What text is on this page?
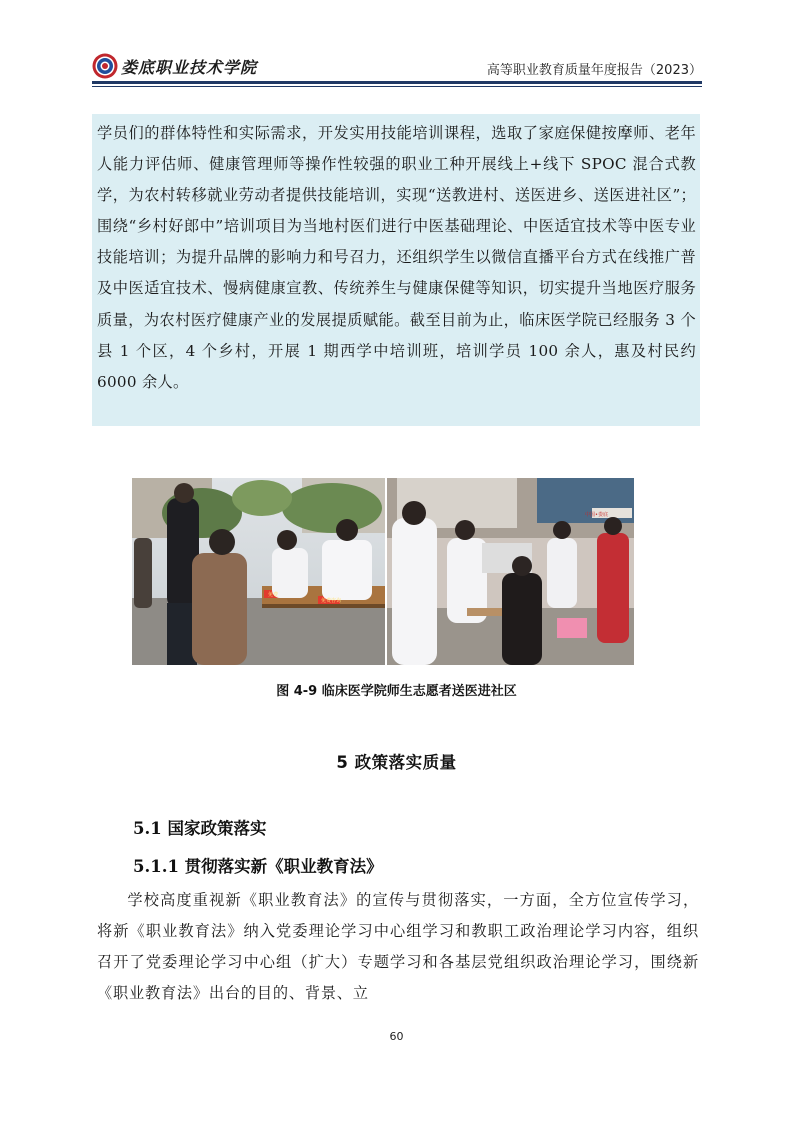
娄底职业技术学院	高等职业教育质量年度报告（2023）

学员们的群体特性和实际需求，开发实用技能培训课程，选取了家庭保健按摩师、老年人能力评估师、健康管理师等操作性较强的职业工种开展线上+线下 SPOC 混合式教学，为农村转移就业劳动者提供技能培训，实现“送教进村、送医进乡、送医进社区”；围绕“乡村好郎中”培训项目为当地村医们进行中医基础理论、中医适宜技术等中医专业技能培训；为提升品牌的影响力和号召力，还组织学生以微信直播平台方式在线推广普及中医适宜技术、慢病健康宣教、传统养生与健康保健等知识，切实提升当地医疗服务质量，为农村医疗健康产业的发展提质赋能。截至目前为止，临床医学院已经服务 3 个县 1 个区，4 个乡村，开展 1 期西学中培训班，培训学员 100 余人，惠及村民约 6000 余人。

免费
免费咨询
中国•娄底
图 4-9 临床医学院师生志愿者送医进社区
5 政策落实质量
5.1 国家政策落实
5.1.1 贯彻落实新《职业教育法》

学校高度重视新《职业教育法》的宣传与贯彻落实，一方面，全方位宣传学习，将新《职业教育法》纳入党委理论学习中心组学习和教职工政治理论学习内容，组织召开了党委理论学习中心组（扩大）专题学习和各基层党组织政治理论学习，围绕新《职业教育法》出台的目的、背景、立

60
